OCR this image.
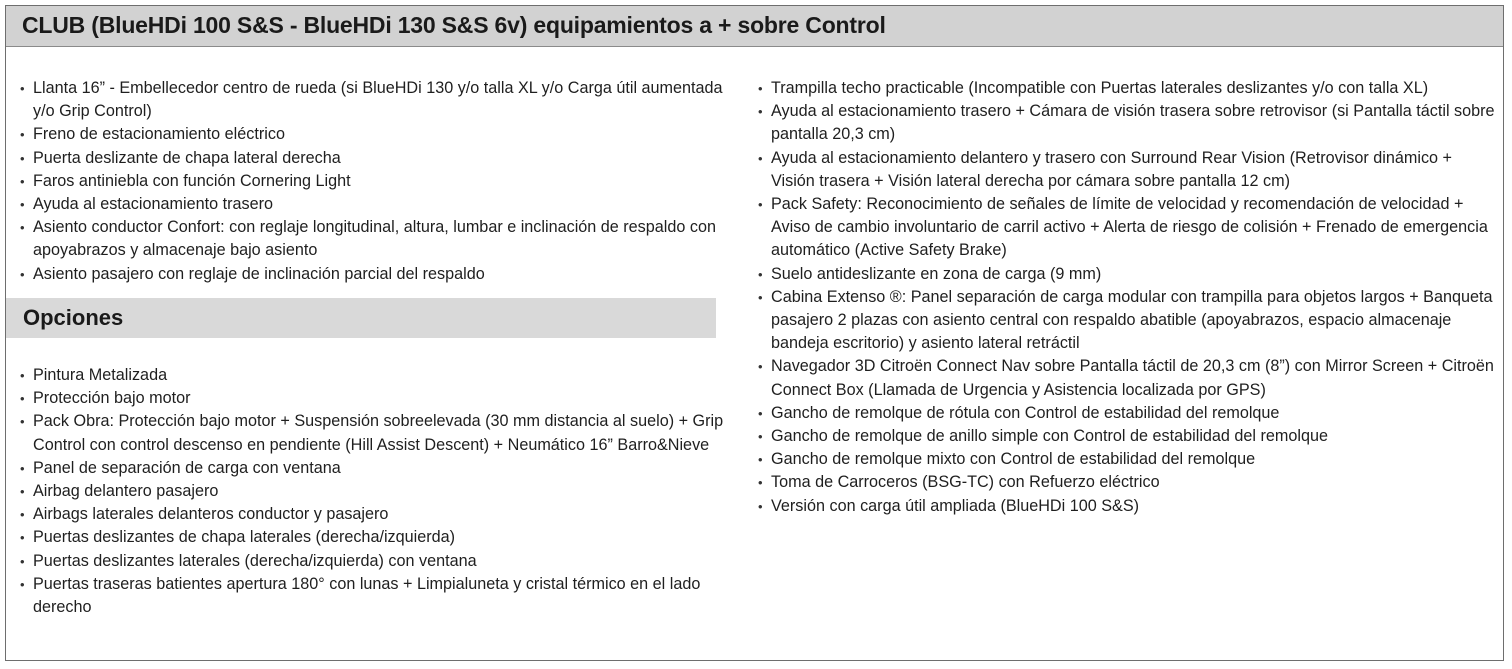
CLUB (BlueHDi 100 S&S - BlueHDi 130 S&S 6v) equipamientos a + sobre Control
• Llanta 16” - Embellecedor centro de rueda (si BlueHDi 130 y/o talla XL y/o Carga útil aumentada y/o Grip Control)
• Freno de estacionamiento eléctrico
• Puerta deslizante de chapa lateral derecha
• Faros antiniebla con función Cornering Light
• Ayuda al estacionamiento trasero
• Asiento conductor Confort: con reglaje longitudinal, altura, lumbar e inclinación de respaldo con apoyabrazos y almacenaje bajo asiento
• Asiento pasajero con reglaje de inclinación parcial del respaldo
Opciones
• Pintura Metalizada
• Protección bajo motor
• Pack Obra: Protección bajo motor + Suspensión sobreelevada (30 mm distancia al suelo) + Grip Control con control descenso en pendiente (Hill Assist Descent) + Neumático 16” Barro&Nieve
• Panel de separación de carga con ventana
• Airbag delantero pasajero
• Airbags laterales delanteros conductor y pasajero
• Puertas deslizantes de chapa laterales (derecha/izquierda)
• Puertas deslizantes laterales (derecha/izquierda) con ventana
• Puertas traseras batientes apertura 180° con lunas + Limpialuneta y cristal térmico en el lado derecho
• Trampilla techo practicable (Incompatible con Puertas laterales deslizantes y/o con talla XL)
• Ayuda al estacionamiento trasero + Cámara de visión trasera sobre retrovisor (si Pantalla táctil sobre pantalla 20,3 cm)
• Ayuda al estacionamiento delantero y trasero con Surround Rear Vision (Retrovisor dinámico + Visión trasera + Visión lateral derecha por cámara sobre pantalla 12 cm)
• Pack Safety: Reconocimiento de señales de límite de velocidad y recomendación de velocidad + Aviso de cambio involuntario de carril activo + Alerta de riesgo de colisión + Frenado de emergencia automático (Active Safety Brake)
• Suelo antideslizante en zona de carga (9 mm)
• Cabina Extenso ®: Panel separación de carga modular con trampilla para objetos largos + Banqueta pasajero 2 plazas con asiento central con respaldo abatible (apoyabrazos, espacio almacenaje bandeja escritorio) y asiento lateral retráctil
• Navegador 3D Citroën Connect Nav sobre Pantalla táctil de 20,3 cm (8”) con Mirror Screen + Citroën Connect Box (Llamada de Urgencia y Asistencia localizada por GPS)
• Gancho de remolque de rótula con Control de estabilidad del remolque
• Gancho de remolque de anillo simple con Control de estabilidad del remolque
• Gancho de remolque mixto con Control de estabilidad del remolque
• Toma de Carroceros (BSG-TC) con Refuerzo eléctrico
• Versión con carga útil ampliada (BlueHDi 100 S&S)
